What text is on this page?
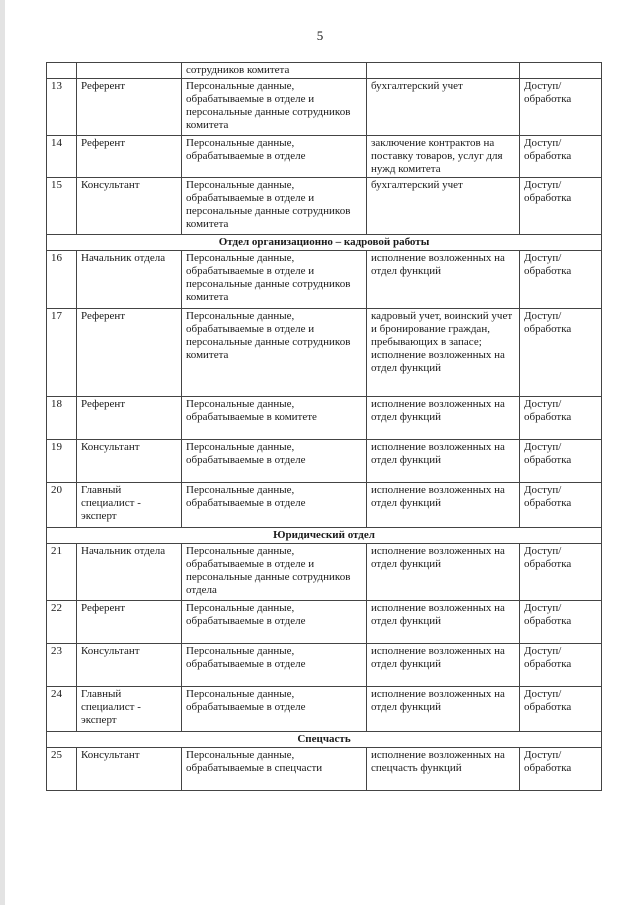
5
		сотрудников комитета		
13	Референт	Персональные данные, обрабатываемые в отделе и персональные данные сотрудников комитета	бухгалтерский учет	Доступ/ обработка
14	Референт	Персональные данные, обрабатываемые в отделе	заключение контрактов на поставку товаров, услуг для нужд комитета	Доступ/ обработка
15	Консультант	Персональные данные, обрабатываемые в отделе и персональные данные сотрудников комитета	бухгалтерский учет	Доступ/ обработка
Отдел организационно – кадровой работы				
16	Начальник отдела	Персональные данные, обрабатываемые в отделе и персональные данные сотрудников комитета	исполнение возложенных на отдел функций	Доступ/ обработка
17	Референт	Персональные данные, обрабатываемые в отделе и персональные данные сотрудников комитета	кадровый учет, воинский учет и бронирование граждан, пребывающих в запасе; исполнение возложенных на отдел функций	Доступ/ обработка
18	Референт	Персональные данные, обрабатываемые в комитете	исполнение возложенных на отдел функций	Доступ/ обработка
19	Консультант	Персональные данные, обрабатываемые в отделе	исполнение возложенных на отдел функций	Доступ/ обработка
20	Главный специалист - эксперт	Персональные данные, обрабатываемые в отделе	исполнение возложенных на отдел функций	Доступ/ обработка
Юридический отдел				
21	Начальник отдела	Персональные данные, обрабатываемые в отделе и персональные данные сотрудников отдела	исполнение возложенных на отдел функций	Доступ/ обработка
22	Референт	Персональные данные, обрабатываемые в отделе	исполнение возложенных на отдел функций	Доступ/ обработка
23	Консультант	Персональные данные, обрабатываемые в отделе	исполнение возложенных на отдел функций	Доступ/ обработка
24	Главный специалист - эксперт	Персональные данные, обрабатываемые в отделе	исполнение возложенных на отдел функций	Доступ/ обработка
Спецчасть				
25	Консультант	Персональные данные, обрабатываемые в спецчасти	исполнение возложенных на спецчасть функций	Доступ/ обработка
